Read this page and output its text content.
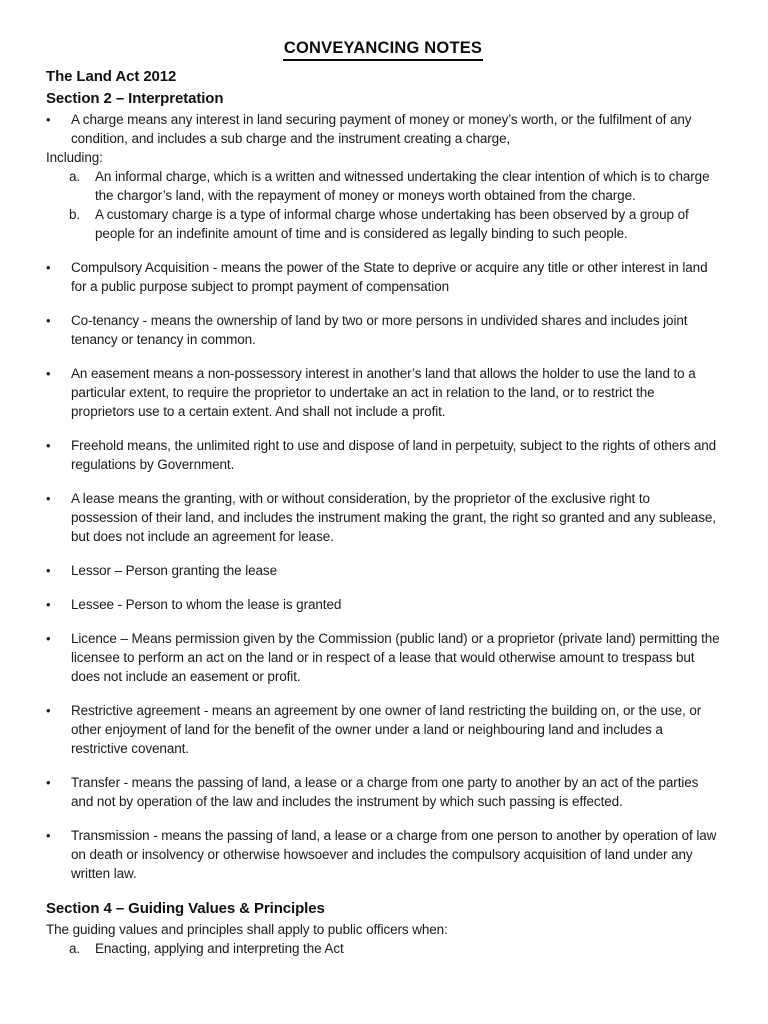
CONVEYANCING NOTES
The Land Act 2012
Section 2 – Interpretation
•	A charge means any interest in land securing payment of money or money’s worth, or the fulfilment of any condition, and includes a sub charge and the instrument creating a charge,
Including:
a.	An informal charge, which is a written and witnessed undertaking the clear intention of which is to charge the chargor’s land, with the repayment of money or moneys worth obtained from the charge.
b.	A customary charge is a type of informal charge whose undertaking has been observed by a group of people for an indefinite amount of time and is considered as legally binding to such people.
•	Compulsory Acquisition - means the power of the State to deprive or acquire any title or other interest in land for a public purpose subject to prompt payment of compensation
•	Co-tenancy - means the ownership of land by two or more persons in undivided shares and includes joint tenancy or tenancy in common.
•	An easement means a non-possessory interest in another’s land that allows the holder to use the land to a particular extent, to require the proprietor to undertake an act in relation to the land, or to restrict the proprietors use to a certain extent. And shall not include a profit.
•	Freehold means, the unlimited right to use and dispose of land in perpetuity, subject to the rights of others and regulations by Government.
•	A lease means the granting, with or without consideration, by the proprietor of the exclusive right to possession of their land, and includes the instrument making the grant, the right so granted and any sublease, but does not include an agreement for lease.
•	Lessor – Person granting the lease
•	Lessee - Person to whom the lease is granted
•	Licence – Means permission given by the Commission (public land) or a proprietor (private land) permitting the licensee to perform an act on the land or in respect of a lease that would otherwise amount to trespass but does not include an easement or profit.
•	Restrictive agreement - means an agreement by one owner of land restricting the building on, or the use, or other enjoyment of land for the benefit of the owner under a land or neighbouring land and includes a restrictive covenant.
•	Transfer - means the passing of land, a lease or a charge from one party to another by an act of the parties and not by operation of the law and includes the instrument by which such passing is effected.
•	Transmission - means the passing of land, a lease or a charge from one person to another by operation of law on death or insolvency or otherwise howsoever and includes the compulsory acquisition of land under any written law.
Section 4 – Guiding Values & Principles
The guiding values and principles shall apply to public officers when:
a.	Enacting, applying and interpreting the Act
